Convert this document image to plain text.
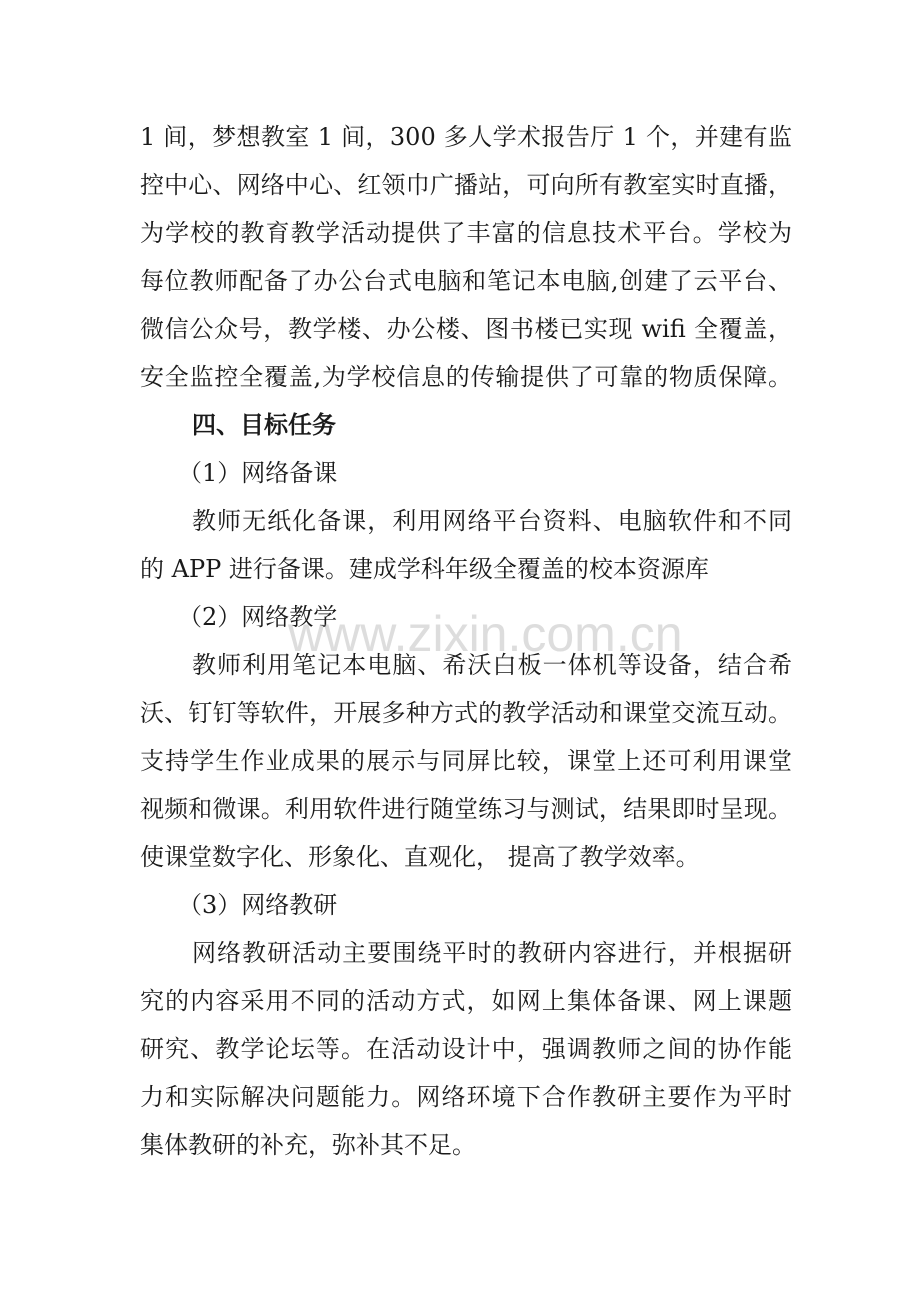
1 间，梦想教室 1 间，300 多人学术报告厅 1 个，并建有监
控中心、网络中心、红领巾广播站，可向所有教室实时直播，
为学校的教育教学活动提供了丰富的信息技术平台。学校为
每位教师配备了办公台式电脑和笔记本电脑,创建了云平台、
微信公众号，教学楼、办公楼、图书楼已实现 wifi 全覆盖，
安全监控全覆盖,为学校信息的传输提供了可靠的物质保障。
四、目标任务
（1）网络备课
教师无纸化备课，利用网络平台资料、电脑软件和不同
的 APP 进行备课。建成学科年级全覆盖的校本资源库
（2）网络教学
教师利用笔记本电脑、希沃白板一体机等设备，结合希
沃、钉钉等软件，开展多种方式的教学活动和课堂交流互动。
支持学生作业成果的展示与同屏比较，课堂上还可利用课堂
视频和微课。利用软件进行随堂练习与测试，结果即时呈现。
使课堂数字化、形象化、直观化， 提高了教学效率。
（3）网络教研
网络教研活动主要围绕平时的教研内容进行，并根据研
究的内容采用不同的活动方式，如网上集体备课、网上课题
研究、教学论坛等。在活动设计中，强调教师之间的协作能
力和实际解决问题能力。网络环境下合作教研主要作为平时
集体教研的补充，弥补其不足。
www.zixin.com.cn
